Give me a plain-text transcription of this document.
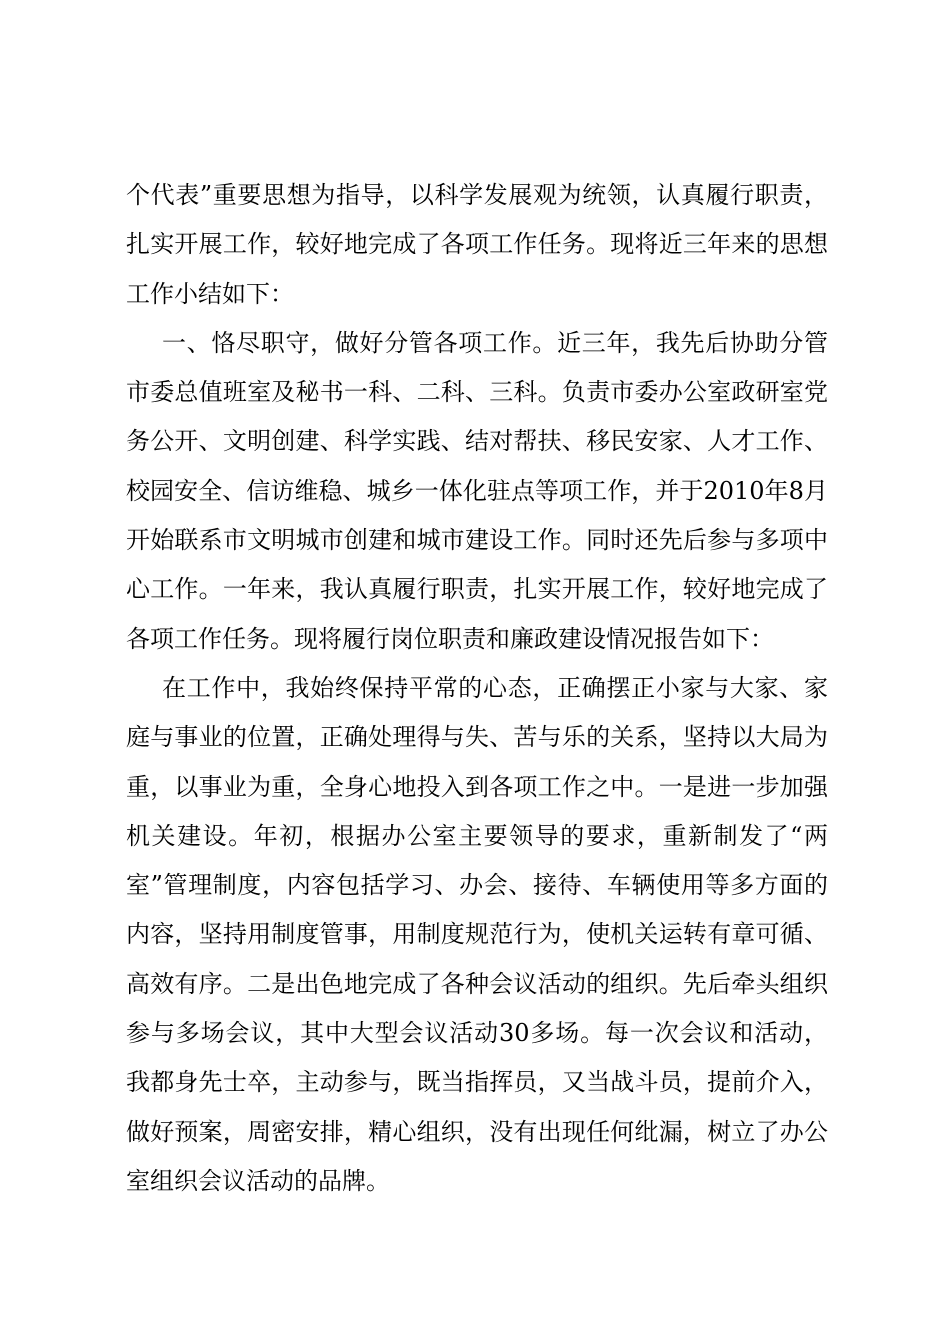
个代表”重要思想为指导，以科学发展观为统领，认真履行职责，扎实开展工作，较好地完成了各项工作任务。现将近三年来的思想工作小结如下：

一、恪尽职守，做好分管各项工作。近三年，我先后协助分管市委总值班室及秘书一科、二科、三科。负责市委办公室政研室党务公开、文明创建、科学实践、结对帮扶、移民安家、人才工作、校园安全、信访维稳、城乡一体化驻点等项工作，并于2010年8月开始联系市文明城市创建和城市建设工作。同时还先后参与多项中心工作。一年来，我认真履行职责，扎实开展工作，较好地完成了各项工作任务。现将履行岗位职责和廉政建设情况报告如下：

在工作中，我始终保持平常的心态，正确摆正小家与大家、家庭与事业的位置，正确处理得与失、苦与乐的关系，坚持以大局为重，以事业为重，全身心地投入到各项工作之中。一是进一步加强机关建设。年初，根据办公室主要领导的要求，重新制发了“两室”管理制度，内容包括学习、办会、接待、车辆使用等多方面的内容，坚持用制度管事，用制度规范行为，使机关运转有章可循、高效有序。二是出色地完成了各种会议活动的组织。先后牵头组织参与多场会议，其中大型会议活动30多场。每一次会议和活动，我都身先士卒，主动参与，既当指挥员，又当战斗员，提前介入，做好预案，周密安排，精心组织，没有出现任何纰漏，树立了办公室组织会议活动的品牌。
